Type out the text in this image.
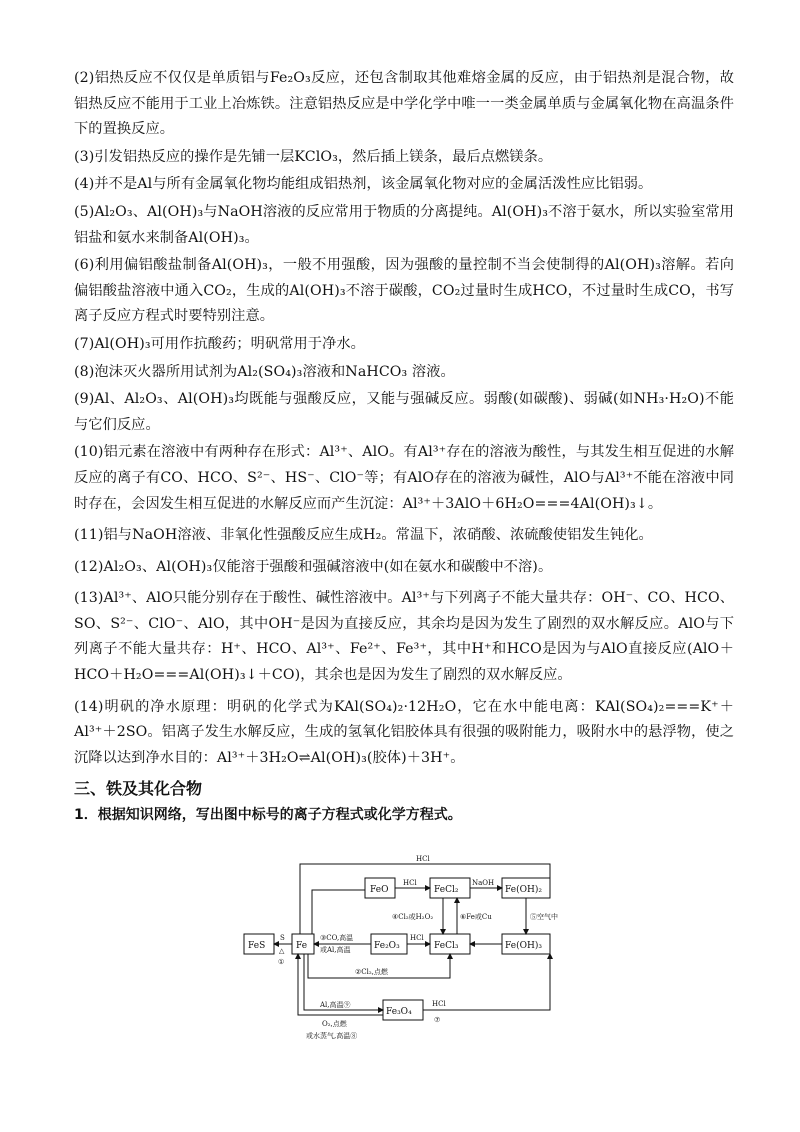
(2)铝热反应不仅仅是单质铝与Fe₂O₃反应，还包含制取其他难熔金属的反应，由于铝热剂是混合物，故铝热反应不能用于工业上冶炼铁。注意铝热反应是中学化学中唯一一类金属单质与金属氧化物在高温条件下的置换反应。

(3)引发铝热反应的操作是先铺一层KClO₃，然后插上镁条，最后点燃镁条。

(4)并不是Al与所有金属氧化物均能组成铝热剂，该金属氧化物对应的金属活泼性应比铝弱。

(5)Al₂O₃、Al(OH)₃与NaOH溶液的反应常用于物质的分离提纯。Al(OH)₃不溶于氨水，所以实验室常用铝盐和氨水来制备Al(OH)₃。

(6)利用偏铝酸盐制备Al(OH)₃，一般不用强酸，因为强酸的量控制不当会使制得的Al(OH)₃溶解。若向偏铝酸盐溶液中通入CO₂，生成的Al(OH)₃不溶于碳酸，CO₂过量时生成HCO，不过量时生成CO，书写离子反应方程式时要特别注意。

(7)Al(OH)₃可用作抗酸药；明矾常用于净水。

(8)泡沫灭火器所用试剂为Al₂(SO₄)₃溶液和NaHCO₃ 溶液。

(9)Al、Al₂O₃、Al(OH)₃均既能与强酸反应，又能与强碱反应。弱酸(如碳酸)、弱碱(如NH₃·H₂O)不能与它们反应。

(10)铝元素在溶液中有两种存在形式：Al³⁺、AlO。有Al³⁺存在的溶液为酸性，与其发生相互促进的水解反应的离子有CO、HCO、S²⁻、HS⁻、ClO⁻等；有AlO存在的溶液为碱性，AlO与Al³⁺不能在溶液中同时存在，会因发生相互促进的水解反应而产生沉淀：Al³⁺＋3AlO＋6H₂O===4Al(OH)₃↓。

(11)铝与NaOH溶液、非氧化性强酸反应生成H₂。常温下，浓硝酸、浓硫酸使铝发生钝化。

(12)Al₂O₃、Al(OH)₃仅能溶于强酸和强碱溶液中(如在氨水和碳酸中不溶)。

(13)Al³⁺、AlO只能分别存在于酸性、碱性溶液中。Al³⁺与下列离子不能大量共存：OH⁻、CO、HCO、SO、S²⁻、ClO⁻、AlO，其中OH⁻是因为直接反应，其余均是因为发生了剧烈的双水解反应。AlO与下列离子不能大量共存：H⁺、HCO、Al³⁺、Fe²⁺、Fe³⁺，其中H⁺和HCO是因为与AlO直接反应(AlO＋HCO＋H₂O===Al(OH)₃↓＋CO)，其余也是因为发生了剧烈的双水解反应。

(14)明矾的净水原理：明矾的化学式为KAl(SO₄)₂·12H₂O，它在水中能电离：KAl(SO₄)₂===K⁺＋Al³⁺＋2SO。铝离子发生水解反应，生成的氢氧化铝胶体具有很强的吸附能力，吸附水中的悬浮物，使之沉降以达到净水目的：Al³⁺＋3H₂O⇌Al(OH)₃(胶体)＋3H⁺。

三、铁及其化合物
1．根据知识网络，写出图中标号的离子方程式或化学方程式。
FeO	FeCl₂	Fe(OH)₂
FeS	Fe	Fe₂O₃	FeCl₃	Fe(OH)₃
Fe₃O₄
HCl
HCl	NaOH
④Cl₂或H₂O₂	⑥Fe或Cu	⑤空气中
S
△
①
③CO,高温
或Al,高温
HCl
②Cl₂,点燃
Al,高温⑨
O₂,点燃
或水蒸气,高温⑧
HCl
⑦
